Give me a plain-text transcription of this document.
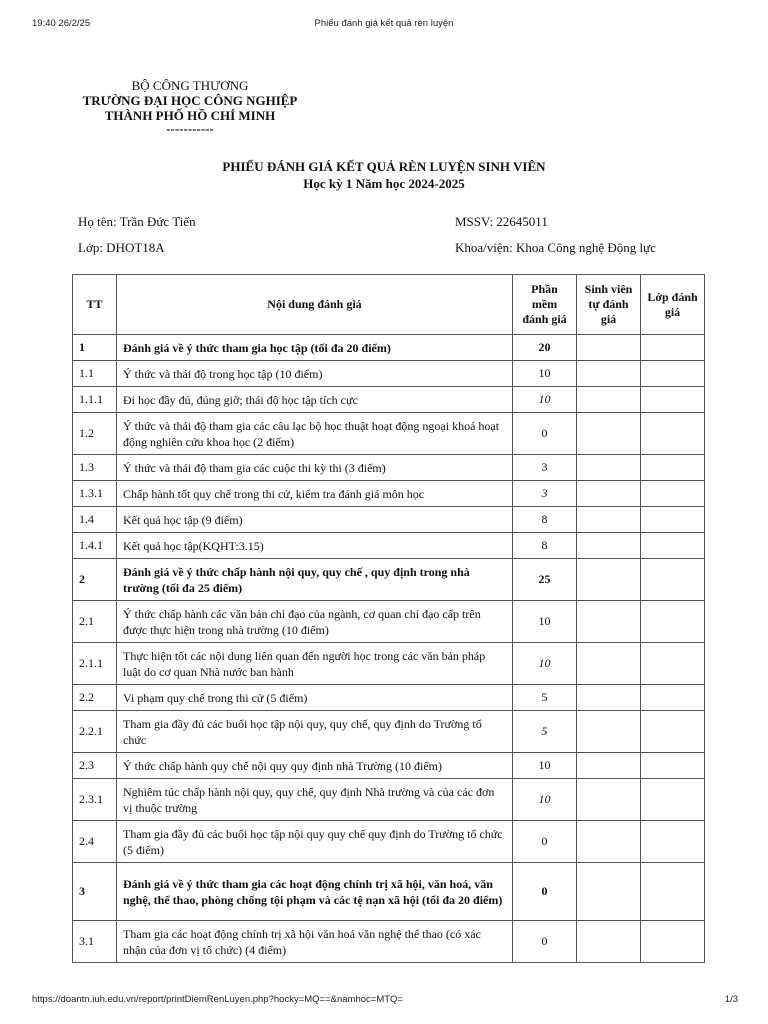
19:40 26/2/25	Phiếu đánh giá kết quả rèn luyện
BỘ CÔNG THƯƠNG
TRƯỜNG ĐẠI HỌC CÔNG NGHIỆP
THÀNH PHỐ HỒ CHÍ MINH
-----------
PHIẾU ĐÁNH GIÁ KẾT QUẢ RÈN LUYỆN SINH VIÊN
Học kỳ 1 Năm học 2024-2025
Họ tên: Trần Đức Tiến
Lớp: DHOT18A
MSSV: 22645011
Khoa/viện: Khoa Công nghệ Động lực
TT	Nội dung đánh giá	Phần mềm đánh giá	Sinh viên tự đánh giá	Lớp đánh giá
1	Đánh giá về ý thức tham gia học tập (tối đa 20 điểm)	20		
1.1	Ý thức và thái độ trong học tập (10 điểm)	10		
1.1.1	Đi học đầy đủ, đúng giờ; thái độ học tập tích cực	10		
1.2	Ý thức và thái độ tham gia các câu lạc bộ học thuật hoạt động ngoại khoá hoạt động nghiên cứu khoa học (2 điểm)	0		
1.3	Ý thức và thái độ tham gia các cuộc thi kỳ thi (3 điểm)	3		
1.3.1	Chấp hành tốt quy chế trong thi cử, kiểm tra đánh giá môn học	3		
1.4	Kết quả học tập (9 điểm)	8		
1.4.1	Kết quả học tập(KQHT:3.15)	8		
2	Đánh giá về ý thức chấp hành nội quy, quy chế , quy định trong nhà trường (tối đa 25 điểm)	25		
2.1	Ý thức chấp hành các văn bản chỉ đạo của ngành, cơ quan chỉ đạo cấp trên được thực hiện trong nhà trường (10 điểm)	10		
2.1.1	Thực hiện tốt các nội dung liên quan đến người học trong các văn bản pháp luật do cơ quan Nhà nước ban hành	10		
2.2	Vi phạm quy chế trong thi cử (5 điểm)	5		
2.2.1	Tham gia đầy đủ các buổi học tập nội quy, quy chế, quy định do Trường tổ chức	5		
2.3	Ý thức chấp hành quy chế nội quy quy định nhà Trường (10 điểm)	10		
2.3.1	Nghiêm túc chấp hành nội quy, quy chế, quy định Nhà trường và của các đơn vị thuộc trường	10		
2.4	Tham gia đầy đủ các buổi học tập nội quy quy chế quy định do Trường tổ chức (5 điểm)	0		
3	Đánh giá về ý thức tham gia các hoạt động chính trị xã hội, văn hoá, văn nghệ, thể thao, phòng chống tội phạm và các tệ nạn xã hội (tối đa 20 điểm)	0		
3.1	Tham gia các hoạt động chính trị xã hội văn hoá văn nghệ thể thao (có xác nhận của đơn vị tổ chức) (4 điểm)	0		
https://doantn.iuh.edu.vn/report/printDiemRenLuyen.php?hocky=MQ==&namhoc=MTQ=	1/3
